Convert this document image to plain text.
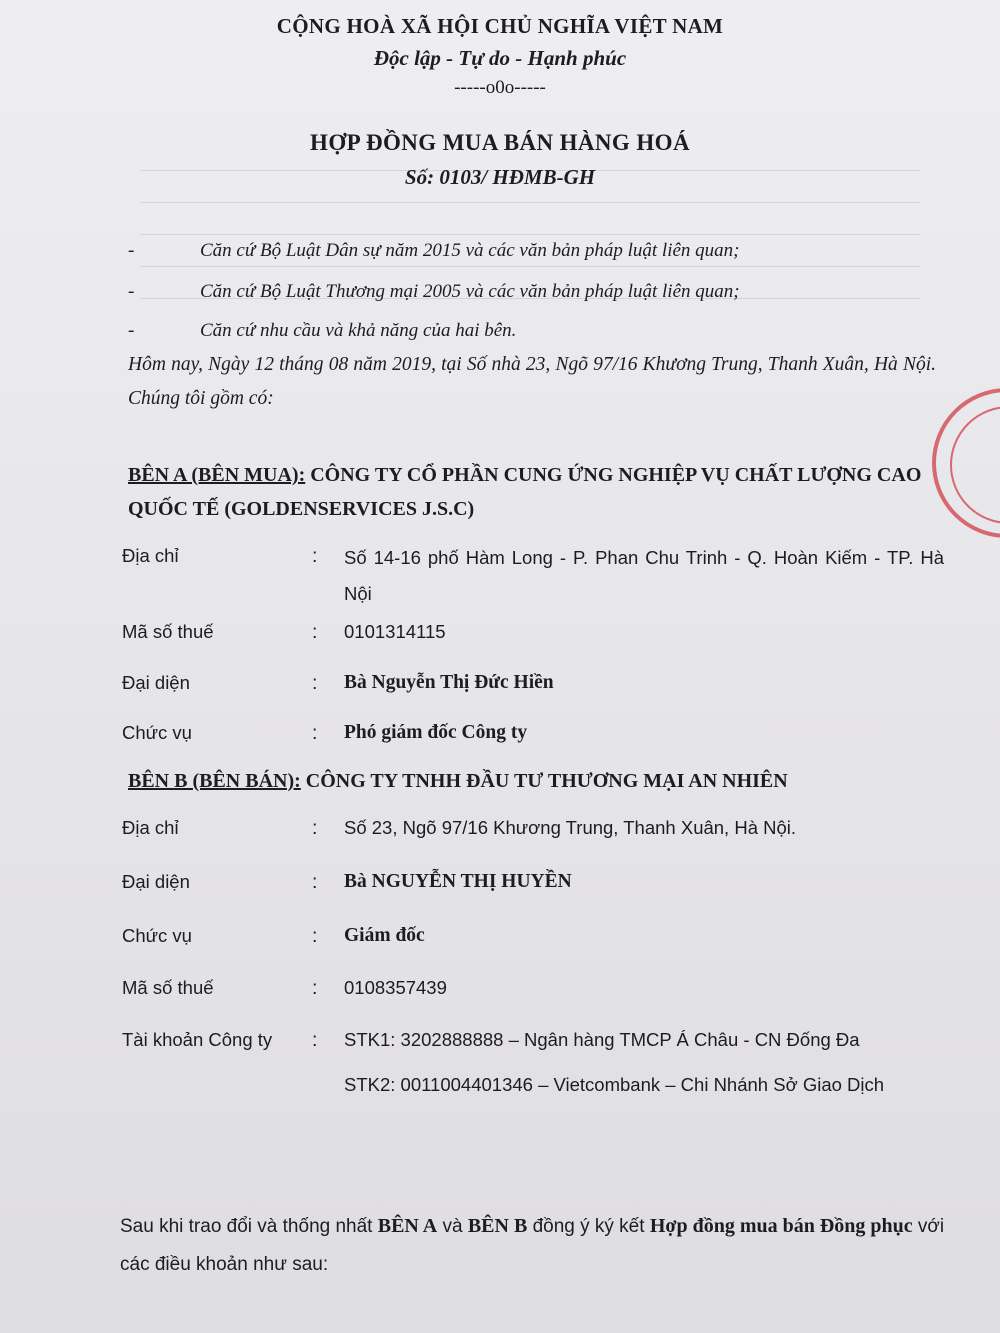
CỘNG HOÀ XÃ HỘI CHỦ NGHĨA VIỆT NAM
Độc lập - Tự do - Hạnh phúc
-----o0o-----
HỢP ĐỒNG MUA BÁN HÀNG HOÁ
Số: 0103/ HĐMB-GH
-	Căn cứ Bộ Luật Dân sự năm 2015 và các văn bản pháp luật liên quan;
-	Căn cứ Bộ Luật Thương mại 2005 và các văn bản pháp luật liên quan;
-	Căn cứ nhu cầu và khả năng của hai bên.
Hôm nay, Ngày 12 tháng 08 năm 2019, tại Số nhà 23, Ngõ 97/16 Khương Trung, Thanh Xuân, Hà Nội. Chúng tôi gồm có:
BÊN A (BÊN MUA): CÔNG TY CỔ PHẦN CUNG ỨNG NGHIỆP VỤ CHẤT LƯỢNG CAO QUỐC TẾ (GOLDENSERVICES J.S.C)
Địa chỉ	: Số 14-16 phố Hàm Long - P. Phan Chu Trinh - Q. Hoàn Kiếm - TP. Hà Nội
Mã số thuế	: 0101314115
Đại diện	: Bà Nguyễn Thị Đức Hiền
Chức vụ	: Phó giám đốc Công ty
BÊN B (BÊN BÁN): CÔNG TY TNHH ĐẦU TƯ THƯƠNG MẠI AN NHIÊN
Địa chỉ	: Số 23, Ngõ 97/16 Khương Trung, Thanh Xuân, Hà Nội.
Đại diện	: Bà NGUYỄN THỊ HUYỀN
Chức vụ	: Giám đốc
Mã số thuế	: 0108357439
Tài khoản Công ty	: STK1: 3202888888 – Ngân hàng TMCP Á Châu - CN Đống Đa
STK2: 0011004401346 – Vietcombank – Chi Nhánh Sở Giao Dịch
Sau khi trao đổi và thống nhất BÊN A và BÊN B đồng ý ký kết Hợp đồng mua bán Đồng phục với các điều khoản như sau:
